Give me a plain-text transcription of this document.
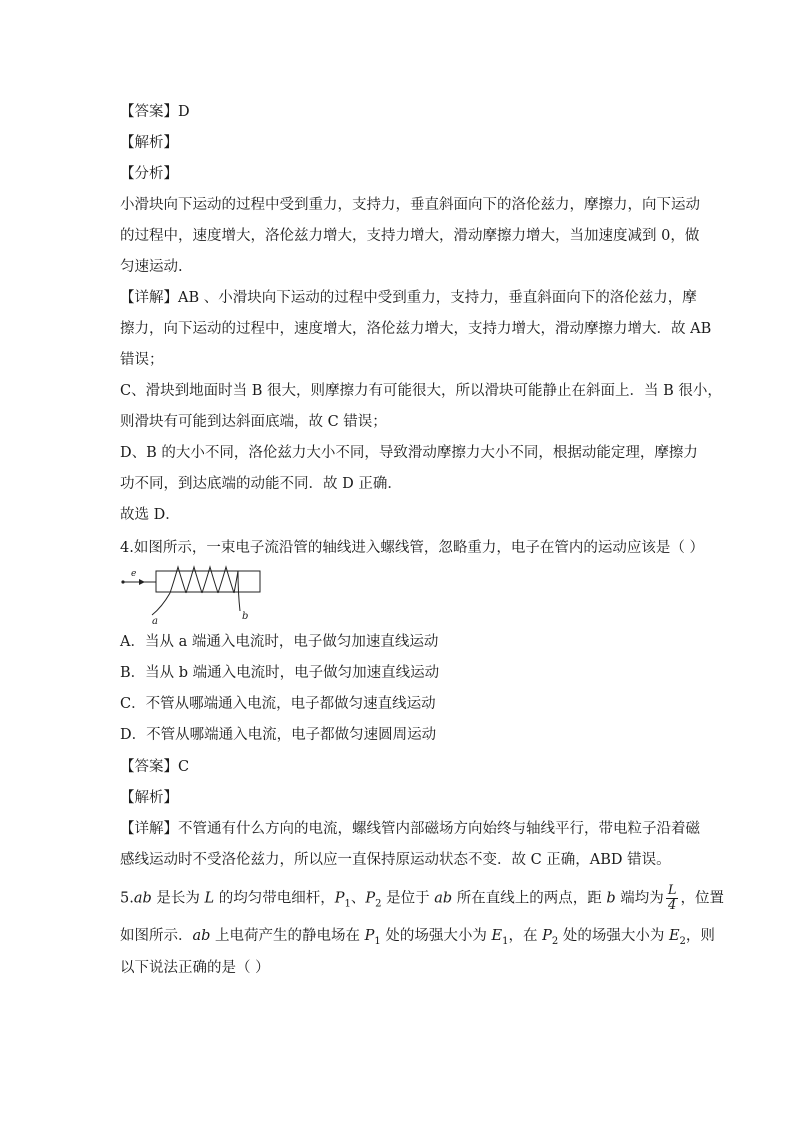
【答案】D
【解析】
【分析】
小滑块向下运动的过程中受到重力，支持力，垂直斜面向下的洛伦兹力，摩擦力，向下运动
的过程中，速度增大，洛伦兹力增大，支持力增大，滑动摩擦力增大，当加速度减到 0，做
匀速运动.
【详解】AB 、小滑块向下运动的过程中受到重力，支持力，垂直斜面向下的洛伦兹力，摩
擦力，向下运动的过程中，速度增大，洛伦兹力增大，支持力增大，滑动摩擦力增大．故 AB
错误；
C、滑块到地面时当 B 很大，则摩擦力有可能很大，所以滑块可能静止在斜面上．当 B 很小，
则滑块有可能到达斜面底端，故 C 错误；
D、B 的大小不同，洛伦兹力大小不同，导致滑动摩擦力大小不同，根据动能定理，摩擦力
功不同，到达底端的动能不同．故 D 正确．
故选 D．
4.如图所示，一束电子流沿管的轴线进入螺线管，忽略重力，电子在管内的运动应该是（ ）
e
a	b
A．当从 a 端通入电流时，电子做匀加速直线运动
B．当从 b 端通入电流时，电子做匀加速直线运动
C．不管从哪端通入电流，电子都做匀速直线运动
D．不管从哪端通入电流，电子都做匀速圆周运动
【答案】C
【解析】
【详解】不管通有什么方向的电流，螺线管内部磁场方向始终与轴线平行，带电粒子沿着磁
感线运动时不受洛伦兹力，所以应一直保持原运动状态不变．故 C 正确，ABD 错误。
5.ab 是长为 L 的均匀带电细杆，$P_1$、$P_2$ 是位于 ab 所在直线上的两点，距 b 端均为 $\frac{L}{4}$ ，位置
如图所示．ab 上电荷产生的静电场在 $P_1$ 处的场强大小为 $E_1$，在 $P_2$ 处的场强大小为 $E_2$，则
以下说法正确的是（ ）
